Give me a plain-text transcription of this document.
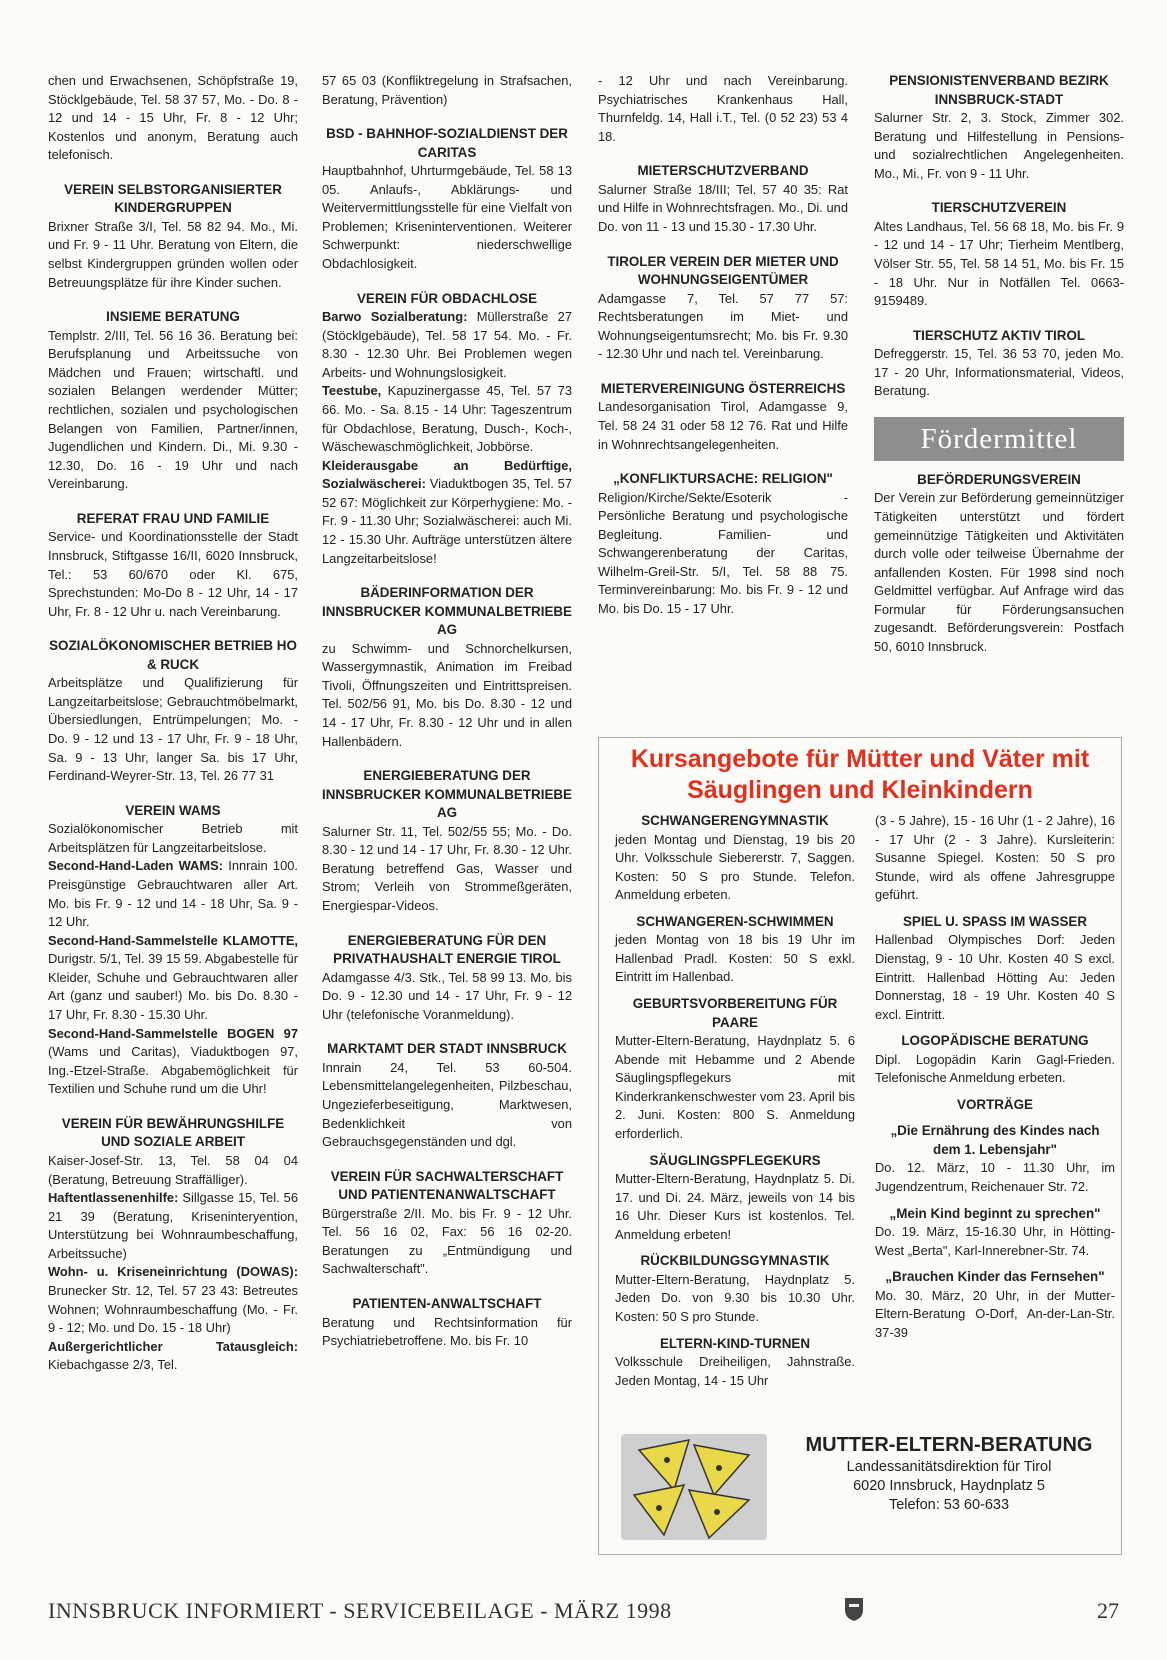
chen und Erwachsenen, Schöpfstraße 19, Stöcklgebäude, Tel. 58 37 57, Mo. - Do. 8 - 12 und 14 - 15 Uhr, Fr. 8 - 12 Uhr; Kostenlos und anonym, Beratung auch telefonisch.

VEREIN SELBSTORGANISIERTER KINDERGRUPPEN

Brixner Straße 3/I, Tel. 58 82 94. Mo., Mi. und Fr. 9 - 11 Uhr. Beratung von Eltern, die selbst Kindergruppen gründen wollen oder Betreuungsplätze für ihre Kinder suchen.

INSIEME BERATUNG

Templstr. 2/III, Tel. 56 16 36. Beratung bei: Berufsplanung und Arbeitssuche von Mädchen und Frauen; wirtschaftl. und sozialen Belangen werdender Mütter; rechtlichen, sozialen und psychologischen Belangen von Familien, Partner/innen, Jugendlichen und Kindern. Di., Mi. 9.30 - 12.30, Do. 16 - 19 Uhr und nach Vereinbarung.

REFERAT FRAU UND FAMILIE

Service- und Koordinationsstelle der Stadt Innsbruck, Stiftgasse 16/II, 6020 Innsbruck, Tel.: 53 60/670 oder Kl. 675, Sprechstunden: Mo-Do 8 - 12 Uhr, 14 - 17 Uhr, Fr. 8 - 12 Uhr u. nach Vereinbarung.

SOZIALÖKONOMISCHER BETRIEB HO & RUCK

Arbeitsplätze und Qualifizierung für Langzeitarbeitslose; Gebrauchtmöbelmarkt, Übersiedlungen, Entrümpelungen; Mo. - Do. 9 - 12 und 13 - 17 Uhr, Fr. 9 - 18 Uhr, Sa. 9 - 13 Uhr, langer Sa. bis 17 Uhr, Ferdinand-Weyrer-Str. 13, Tel. 26 77 31

VEREIN WAMS

Sozialökonomischer Betrieb mit Arbeitsplätzen für Langzeitarbeitslose.

Second-Hand-Laden WAMS: Innrain 100. Preisgünstige Gebrauchtwaren aller Art. Mo. bis Fr. 9 - 12 und 14 - 18 Uhr, Sa. 9 - 12 Uhr.

Second-Hand-Sammelstelle KLAMOTTE, Durigstr. 5/1, Tel. 39 15 59. Abgabestelle für Kleider, Schuhe und Gebrauchtwaren aller Art (ganz und sauber!) Mo. bis Do. 8.30 - 17 Uhr, Fr. 8.30 - 15.30 Uhr.

Second-Hand-Sammelstelle BOGEN 97 (Wams und Caritas), Viaduktbogen 97, Ing.-Etzel-Straße. Abgabemöglichkeit für Textilien und Schuhe rund um die Uhr!

VEREIN FÜR BEWÄHRUNGSHILFE UND SOZIALE ARBEIT

Kaiser-Josef-Str. 13, Tel. 58 04 04 (Beratung, Betreuung Straffälliger).

Haftentlassenenhilfe: Sillgasse 15, Tel. 56 21 39 (Beratung, Kriseninteryention, Unterstützung bei Wohnraumbeschaffung, Arbeitssuche)

Wohn- u. Kriseneinrichtung (DOWAS): Brunecker Str. 12, Tel. 57 23 43: Betreutes Wohnen; Wohnraumbeschaffung (Mo. - Fr. 9 - 12; Mo. und Do. 15 - 18 Uhr)

Außergerichtlicher Tatausgleich: Kiebachgasse 2/3, Tel.

57 65 03 (Konfliktregelung in Strafsachen, Beratung, Prävention)

BSD - BAHNHOF-SOZIALDIENST DER CARITAS

Hauptbahnhof, Uhrturmgebäude, Tel. 58 13 05. Anlaufs-, Abklärungs- und Weitervermittlungsstelle für eine Vielfalt von Problemen; Kriseninterventionen. Weiterer Schwerpunkt: niederschwellige Obdachlosigkeit.

VEREIN FÜR OBDACHLOSE

Barwo Sozialberatung: Müllerstraße 27 (Stöcklgebäude), Tel. 58 17 54. Mo. - Fr. 8.30 - 12.30 Uhr. Bei Problemen wegen Arbeits- und Wohnungslosigkeit.

Teestube, Kapuzinergasse 45, Tel. 57 73 66. Mo. - Sa. 8.15 - 14 Uhr: Tageszentrum für Obdachlose, Beratung, Dusch-, Koch-, Wäschewaschmöglichkeit, Jobbörse.

Kleiderausgabe an Bedürftige, Sozialwäscherei: Viaduktbogen 35, Tel. 57 52 67: Möglichkeit zur Körperhygiene: Mo. - Fr. 9 - 11.30 Uhr; Sozialwäscherei: auch Mi. 12 - 15.30 Uhr. Aufträge unterstützen ältere Langzeitarbeitslose!

BÄDERINFORMATION DER INNSBRUCKER KOMMUNALBETRIEBE AG

zu Schwimm- und Schnorchelkursen, Wassergymnastik, Animation im Freibad Tivoli, Öffnungszeiten und Eintrittspreisen. Tel. 502/56 91, Mo. bis Do. 8.30 - 12 und 14 - 17 Uhr, Fr. 8.30 - 12 Uhr und in allen Hallenbädern.

ENERGIEBERATUNG DER INNSBRUCKER KOMMUNALBETRIEBE AG

Salurner Str. 11, Tel. 502/55 55; Mo. - Do. 8.30 - 12 und 14 - 17 Uhr, Fr. 8.30 - 12 Uhr. Beratung betreffend Gas, Wasser und Strom; Verleih von Strommeßgeräten, Energiespar-Videos.

ENERGIEBERATUNG FÜR DEN PRIVATHAUSHALT ENERGIE TIROL

Adamgasse 4/3. Stk., Tel. 58 99 13. Mo. bis Do. 9 - 12.30 und 14 - 17 Uhr, Fr. 9 - 12 Uhr (telefonische Voranmeldung).

MARKTAMT DER STADT INNSBRUCK

Innrain 24, Tel. 53 60-504. Lebensmittelangelegenheiten, Pilzbeschau, Ungezieferbeseitigung, Marktwesen, Bedenklichkeit von Gebrauchsgegenständen und dgl.

VEREIN FÜR SACHWALTERSCHAFT UND PATIENTENANWALTSCHAFT

Bürgerstraße 2/II. Mo. bis Fr. 9 - 12 Uhr. Tel. 56 16 02, Fax: 56 16 02-20. Beratungen zu „Entmündigung und Sachwalterschaft".

PATIENTEN-ANWALTSCHAFT

Beratung und Rechtsinformation für Psychiatriebetroffene. Mo. bis Fr. 10

- 12 Uhr und nach Vereinbarung. Psychiatrisches Krankenhaus Hall, Thurnfeldg. 14, Hall i.T., Tel. (0 52 23) 53 4 18.

MIETERSCHUTZVERBAND

Salurner Straße 18/III; Tel. 57 40 35: Rat und Hilfe in Wohnrechtsfragen. Mo., Di. und Do. von 11 - 13 und 15.30 - 17.30 Uhr.

TIROLER VEREIN DER MIETER UND WOHNUNGSEIGENTÜMER

Adamgasse 7, Tel. 57 77 57: Rechtsberatungen im Miet- und Wohnungseigentumsrecht; Mo. bis Fr. 9.30 - 12.30 Uhr und nach tel. Vereinbarung.

MIETERVEREINIGUNG ÖSTERREICHS

Landesorganisation Tirol, Adamgasse 9, Tel. 58 24 31 oder 58 12 76. Rat und Hilfe in Wohnrechtsangelegenheiten.

„KONFLIKTURSACHE: RELIGION"

Religion/Kirche/Sekte/Esoterik - Persönliche Beratung und psychologische Begleitung. Familien- und Schwangerenberatung der Caritas, Wilhelm-Greil-Str. 5/I, Tel. 58 88 75. Terminvereinbarung: Mo. bis Fr. 9 - 12 und Mo. bis Do. 15 - 17 Uhr.

PENSIONISTENVERBAND BEZIRK INNSBRUCK-STADT

Salurner Str. 2, 3. Stock, Zimmer 302. Beratung und Hilfestellung in Pensions- und sozialrechtlichen Angelegenheiten. Mo., Mi., Fr. von 9 - 11 Uhr.

TIERSCHUTZVEREIN

Altes Landhaus, Tel. 56 68 18, Mo. bis Fr. 9 - 12 und 14 - 17 Uhr; Tierheim Mentlberg, Völser Str. 55, Tel. 58 14 51, Mo. bis Fr. 15 - 18 Uhr. Nur in Notfällen Tel. 0663-9159489.

TIERSCHUTZ AKTIV TIROL

Defreggerstr. 15, Tel. 36 53 70, jeden Mo. 17 - 20 Uhr, Informationsmaterial, Videos, Beratung.

Fördermittel
BEFÖRDERUNGSVEREIN

Der Verein zur Beförderung gemeinnütziger Tätigkeiten unterstützt und fördert gemeinnützige Tätigkeiten und Aktivitäten durch volle oder teilweise Übernahme der anfallenden Kosten. Für 1998 sind noch Geldmittel verfügbar. Auf Anfrage wird das Formular für Förderungsansuchen zugesandt. Beförderungsverein: Postfach 50, 6010 Innsbruck.

Kursangebote für Mütter und Väter mit Säuglingen und Kleinkindern
SCHWANGERENGYMNASTIK

jeden Montag und Dienstag, 19 bis 20 Uhr. Volksschule Siebererstr. 7, Saggen. Kosten: 50 S pro Stunde. Telefon. Anmeldung erbeten.

SCHWANGEREN-SCHWIMMEN

jeden Montag von 18 bis 19 Uhr im Hallenbad Pradl. Kosten: 50 S exkl. Eintritt im Hallenbad.

GEBURTSVORBEREITUNG FÜR PAARE

Mutter-Eltern-Beratung, Haydnplatz 5. 6 Abende mit Hebamme und 2 Abende Säuglingspflegekurs mit Kinderkrankenschwester vom 23. April bis 2. Juni. Kosten: 800 S. Anmeldung erforderlich.

SÄUGLINGSPFLEGEKURS

Mutter-Eltern-Beratung, Haydnplatz 5. Di. 17. und Di. 24. März, jeweils von 14 bis 16 Uhr. Dieser Kurs ist kostenlos. Tel. Anmeldung erbeten!

RÜCKBILDUNGSGYMNASTIK

Mutter-Eltern-Beratung, Haydnplatz 5. Jeden Do. von 9.30 bis 10.30 Uhr. Kosten: 50 S pro Stunde.

ELTERN-KIND-TURNEN

Volksschule Dreiheiligen, Jahnstraße. Jeden Montag, 14 - 15 Uhr

(3 - 5 Jahre), 15 - 16 Uhr (1 - 2 Jahre), 16 - 17 Uhr (2 - 3 Jahre). Kursleiterin: Susanne Spiegel. Kosten: 50 S pro Stunde, wird als offene Jahresgruppe geführt.

SPIEL U. SPASS IM WASSER

Hallenbad Olympisches Dorf: Jeden Dienstag, 9 - 10 Uhr. Kosten 40 S excl. Eintritt. Hallenbad Hötting Au: Jeden Donnerstag, 18 - 19 Uhr. Kosten 40 S excl. Eintritt.

LOGOPÄDISCHE BERATUNG

Dipl. Logopädin Karin Gagl-Frieden. Telefonische Anmeldung erbeten.

VORTRÄGE
„Die Ernährung des Kindes nach dem 1. Lebensjahr"

Do. 12. März, 10 - 11.30 Uhr, im Jugendzentrum, Reichenauer Str. 72.

„Mein Kind beginnt zu sprechen"

Do. 19. März, 15-16.30 Uhr, in Hötting-West „Berta", Karl-Innerebner-Str. 74.

„Brauchen Kinder das Fernsehen"

Mo. 30. März, 20 Uhr, in der Mutter-Eltern-Beratung O-Dorf, An-der-Lan-Str. 37-39

MUTTER-ELTERN-BERATUNG
Landessanitätsdirektion für Tirol
6020 Innsbruck, Haydnplatz 5
Telefon: 53 60-633
INNSBRUCK INFORMIERT - SERVICEBEILAGE - MÄRZ 1998	27
